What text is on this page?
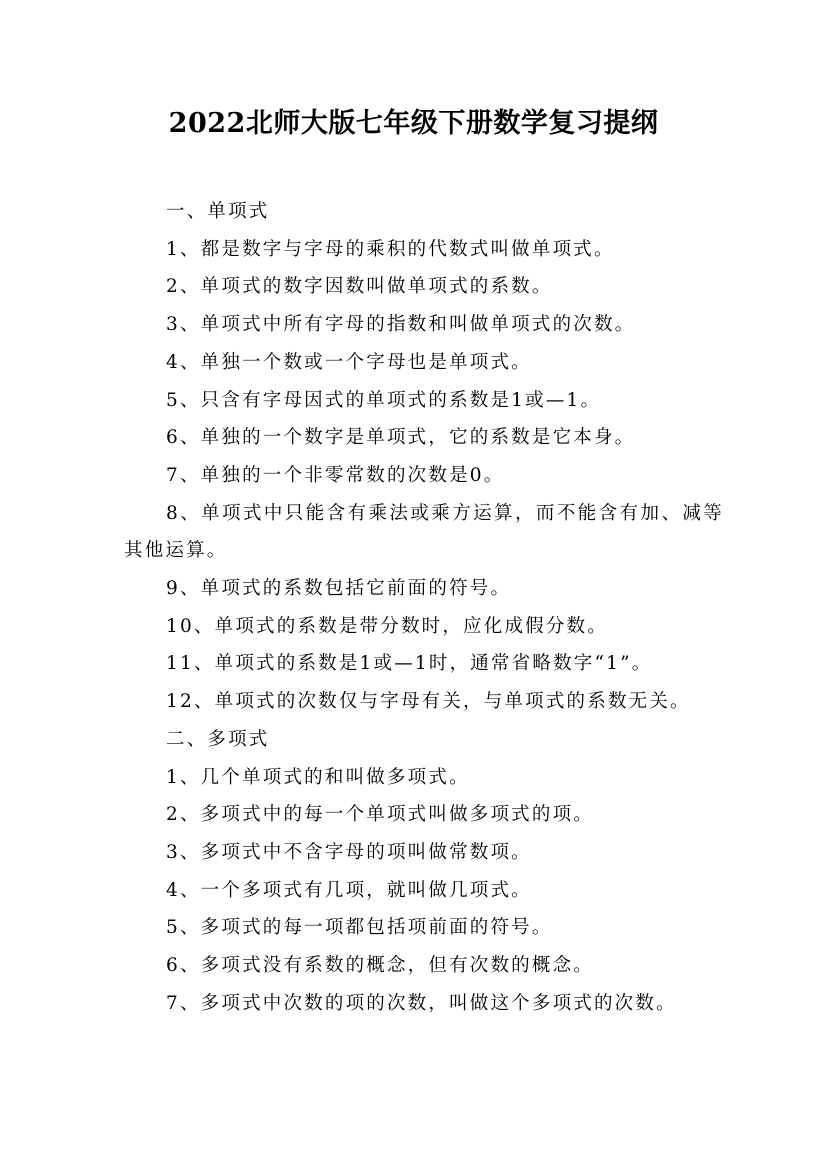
2022北师大版七年级下册数学复习提纲

一、单项式

1、都是数字与字母的乘积的代数式叫做单项式。

2、单项式的数字因数叫做单项式的系数。

3、单项式中所有字母的指数和叫做单项式的次数。

4、单独一个数或一个字母也是单项式。

5、只含有字母因式的单项式的系数是1或—1。

6、单独的一个数字是单项式，它的系数是它本身。

7、单独的一个非零常数的次数是0。

8、单项式中只能含有乘法或乘方运算，而不能含有加、减等其他运算。

9、单项式的系数包括它前面的符号。

10、单项式的系数是带分数时，应化成假分数。

11、单项式的系数是1或—1时，通常省略数字“1”。

12、单项式的次数仅与字母有关，与单项式的系数无关。

二、多项式

1、几个单项式的和叫做多项式。

2、多项式中的每一个单项式叫做多项式的项。

3、多项式中不含字母的项叫做常数项。

4、一个多项式有几项，就叫做几项式。

5、多项式的每一项都包括项前面的符号。

6、多项式没有系数的概念，但有次数的概念。

7、多项式中次数的项的次数，叫做这个多项式的次数。
